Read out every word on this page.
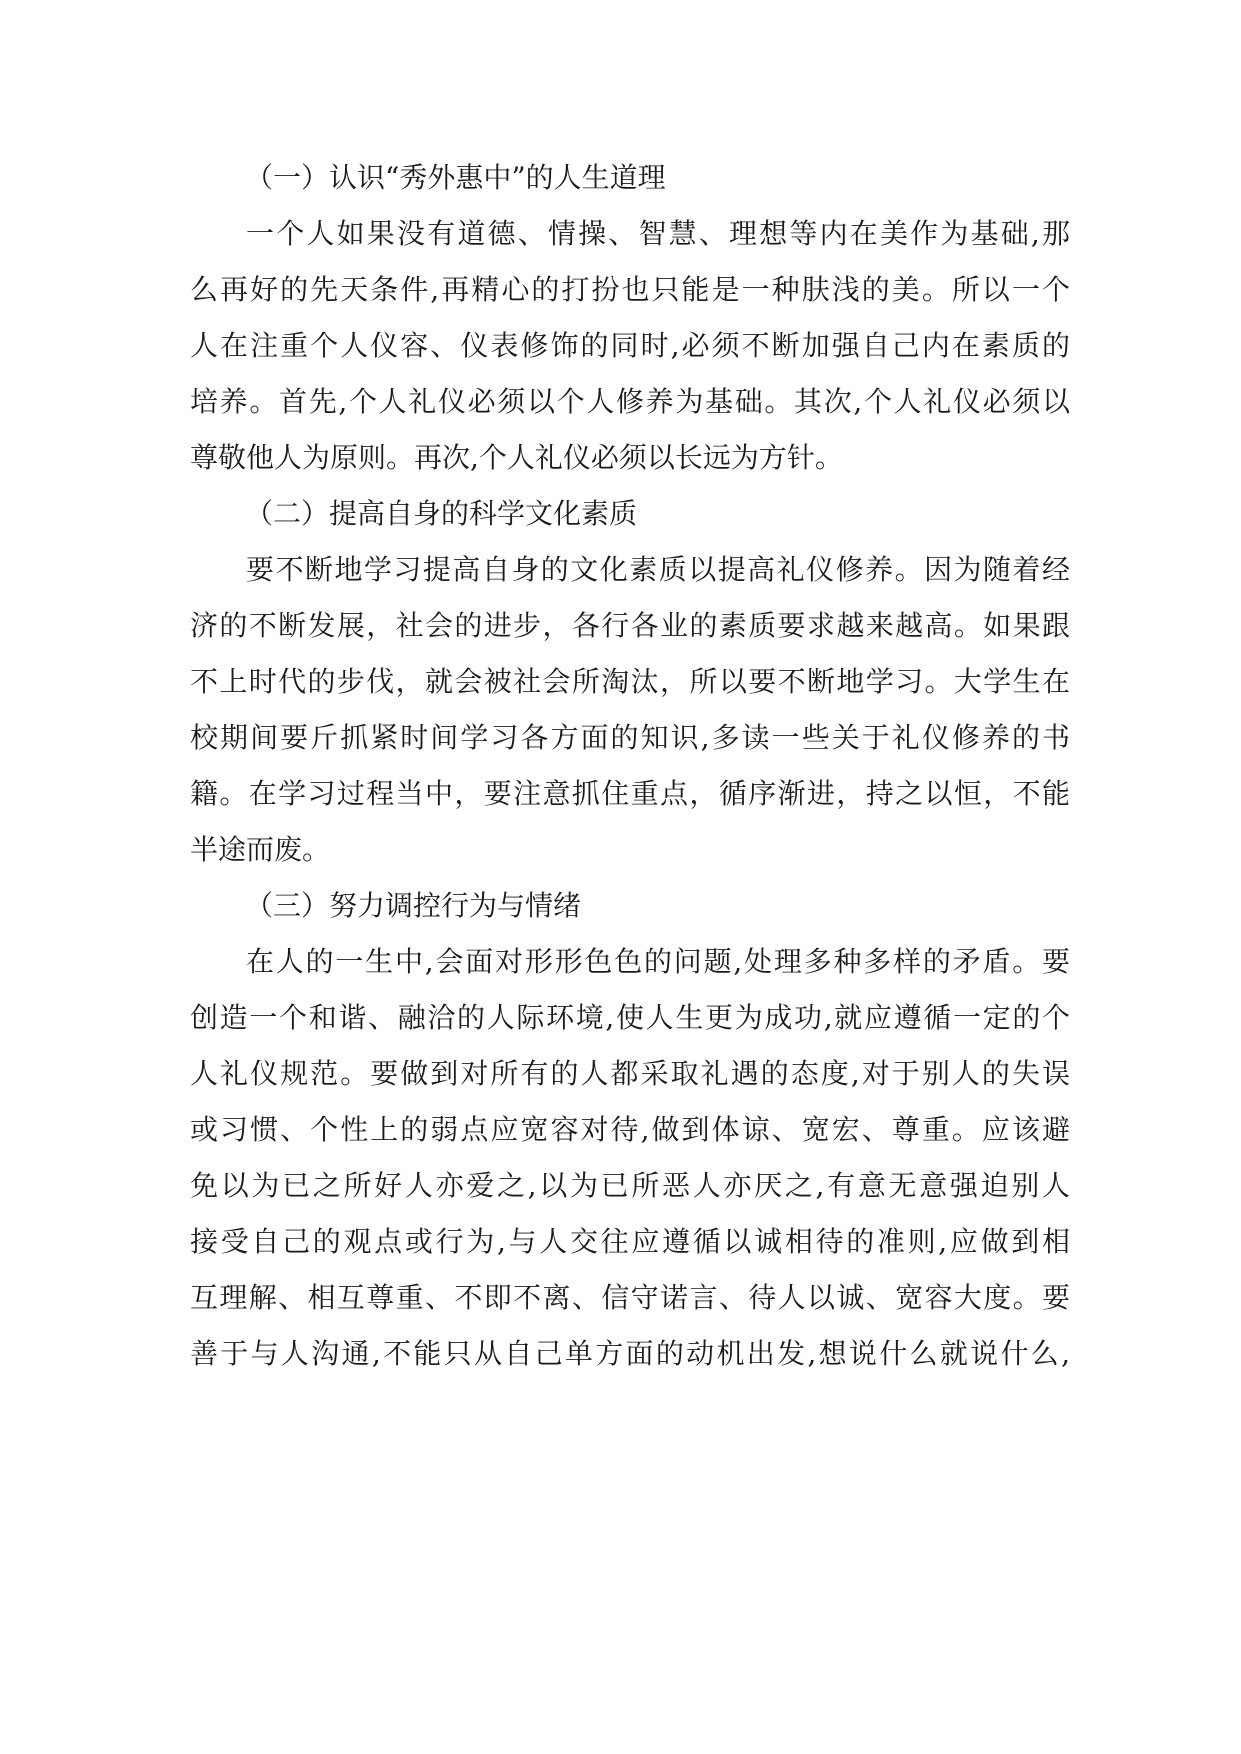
（一）认识“秀外惠中”的人生道理
一个人如果没有道德、情操、智慧、理想等内在美作为基础,那
么再好的先天条件,再精心的打扮也只能是一种肤浅的美。所以一个
人在注重个人仪容、仪表修饰的同时,必须不断加强自己内在素质的
培养。首先,个人礼仪必须以个人修养为基础。其次,个人礼仪必须以
尊敬他人为原则。再次,个人礼仪必须以长远为方针。
（二）提高自身的科学文化素质
要不断地学习提高自身的文化素质以提高礼仪修养。因为随着经
济的不断发展，社会的进步，各行各业的素质要求越来越高。如果跟
不上时代的步伐，就会被社会所淘汰，所以要不断地学习。大学生在
校期间要斤抓紧时间学习各方面的知识,多读一些关于礼仪修养的书
籍。在学习过程当中，要注意抓住重点，循序渐进，持之以恒，不能
半途而废。
（三）努力调控行为与情绪
在人的一生中,会面对形形色色的问题,处理多种多样的矛盾。要
创造一个和谐、融洽的人际环境,使人生更为成功,就应遵循一定的个
人礼仪规范。要做到对所有的人都采取礼遇的态度,对于别人的失误
或习惯、个性上的弱点应宽容对待,做到体谅、宽宏、尊重。应该避
免以为已之所好人亦爱之,以为已所恶人亦厌之,有意无意强迫别人
接受自己的观点或行为,与人交往应遵循以诚相待的准则,应做到相
互理解、相互尊重、不即不离、信守诺言、待人以诚、宽容大度。要
善于与人沟通,不能只从自己单方面的动机出发,想说什么就说什么,
